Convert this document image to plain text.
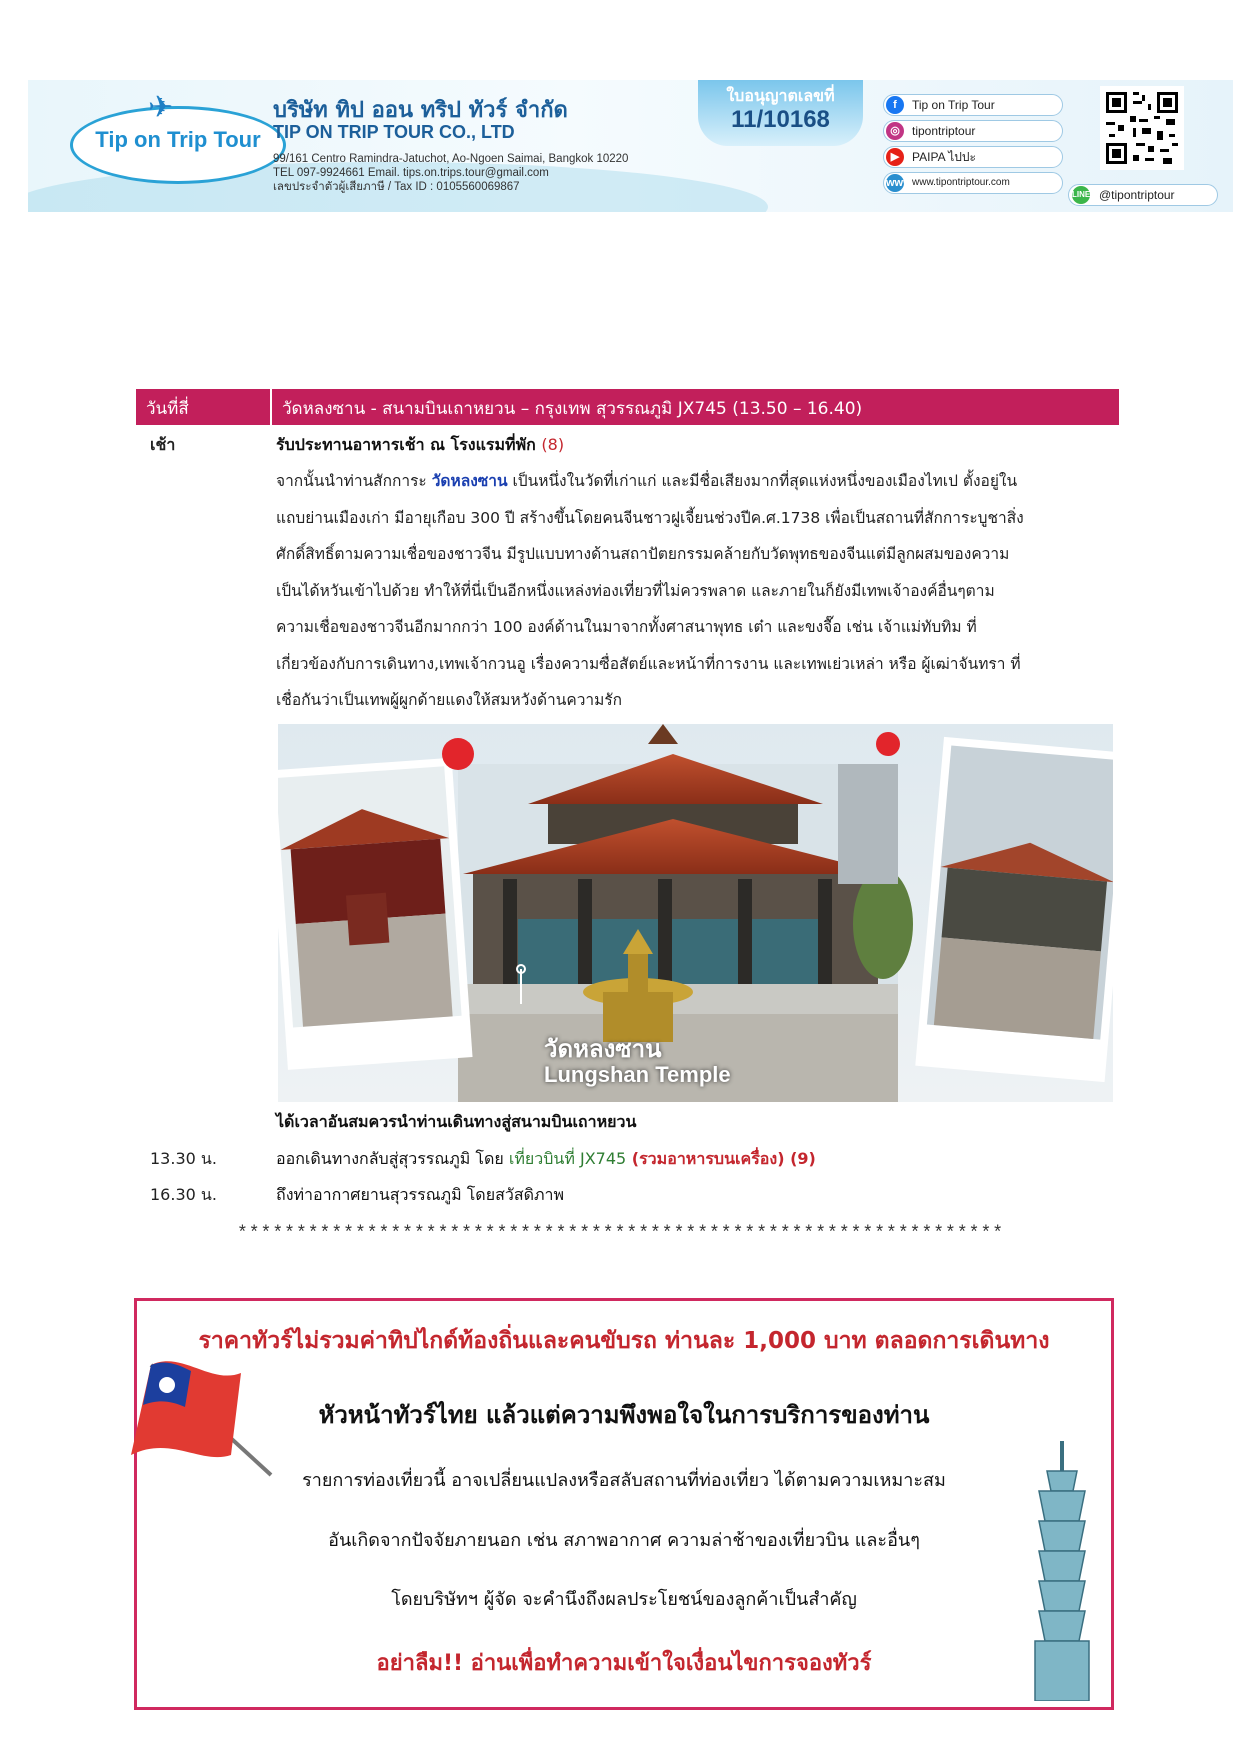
Tip on Trip Tour
✈	บริษัท ทิป ออน ทริป ทัวร์ จำกัด
TIP ON TRIP TOUR CO., LTD
99/161 Centro Ramindra-Jatuchot, Ao-Ngoen Saimai, Bangkok 10220
TEL 097-9924661 Email. tips.on.trips.tour@gmail.com
เลขประจำตัวผู้เสียภาษี / Tax ID : 0105560069867
ใบอนุญาตเลขที่
11/10168
f	Tip on Trip Tour
◎	tipontriptour
▶	PAIPA ไปปะ
www www.tipontriptour.com
LINE @tipontriptour
วันที่สี่	วัดหลงซาน - สนามบินเถาหยวน – กรุงเทพ สุวรรณภูมิ JX745 (13.50 – 16.40)
เช้า	รับประทานอาหารเช้า ณ โรงแรมที่พัก (8)
จากนั้นนำท่านสักการะ วัดหลงซาน เป็นหนึ่งในวัดที่เก่าแก่ และมีชื่อเสียงมากที่สุดแห่งหนึ่งของเมืองไทเป ตั้งอยู่ใน
แถบย่านเมืองเก่า มีอายุเกือบ 300 ปี สร้างขึ้นโดยคนจีนชาวฝูเจี้ยนช่วงปีค.ศ.1738 เพื่อเป็นสถานที่สักการะบูชาสิ่ง
ศักดิ์สิทธิ์ตามความเชื่อของชาวจีน มีรูปแบบทางด้านสถาปัตยกรรมคล้ายกับวัดพุทธของจีนแต่มีลูกผสมของความ
เป็นได้หวันเข้าไปด้วย ทำให้ที่นี่เป็นอีกหนึ่งแหล่งท่องเที่ยวที่ไม่ควรพลาด และภายในก็ยังมีเทพเจ้าองค์อื่นๆตาม
ความเชื่อของชาวจีนอีกมากกว่า 100 องค์ด้านในมาจากทั้งศาสนาพุทธ เต๋า และขงจื๊อ เช่น เจ้าแม่ทับทิม ที่
เกี่ยวข้องกับการเดินทาง,เทพเจ้ากวนอู เรื่องความซื่อสัตย์และหน้าที่การงาน และเทพเย่วเหล่า หรือ ผู้เฒ่าจันทรา ที่
เชื่อกันว่าเป็นเทพผู้ผูกด้ายแดงให้สมหวังด้านความรัก
วัดหลงซาน
Lungshan Temple
ได้เวลาอันสมควรนำท่านเดินทางสู่สนามบินเถาหยวน
13.30 น.	ออกเดินทางกลับสู่สุวรรณภูมิ โดย เที่ยวบินที่ JX745 (รวมอาหารบนเครื่อง) (9)
16.30 น.	ถึงท่าอากาศยานสุวรรณภูมิ โดยสวัสดิภาพ
*****************************************************************
ราคาทัวร์ไม่รวมค่าทิปไกด์ท้องถิ่นและคนขับรถ ท่านละ 1,000 บาท ตลอดการเดินทาง
หัวหน้าทัวร์ไทย แล้วแต่ความพึงพอใจในการบริการของท่าน
รายการท่องเที่ยวนี้ อาจเปลี่ยนแปลงหรือสลับสถานที่ท่องเที่ยว ได้ตามความเหมาะสม
อันเกิดจากปัจจัยภายนอก เช่น สภาพอากาศ ความล่าช้าของเที่ยวบิน และอื่นๆ
โดยบริษัทฯ ผู้จัด จะคำนึงถึงผลประโยชน์ของลูกค้าเป็นสำคัญ
อย่าลืม!! อ่านเพื่อทำความเข้าใจเงื่อนไขการจองทัวร์
